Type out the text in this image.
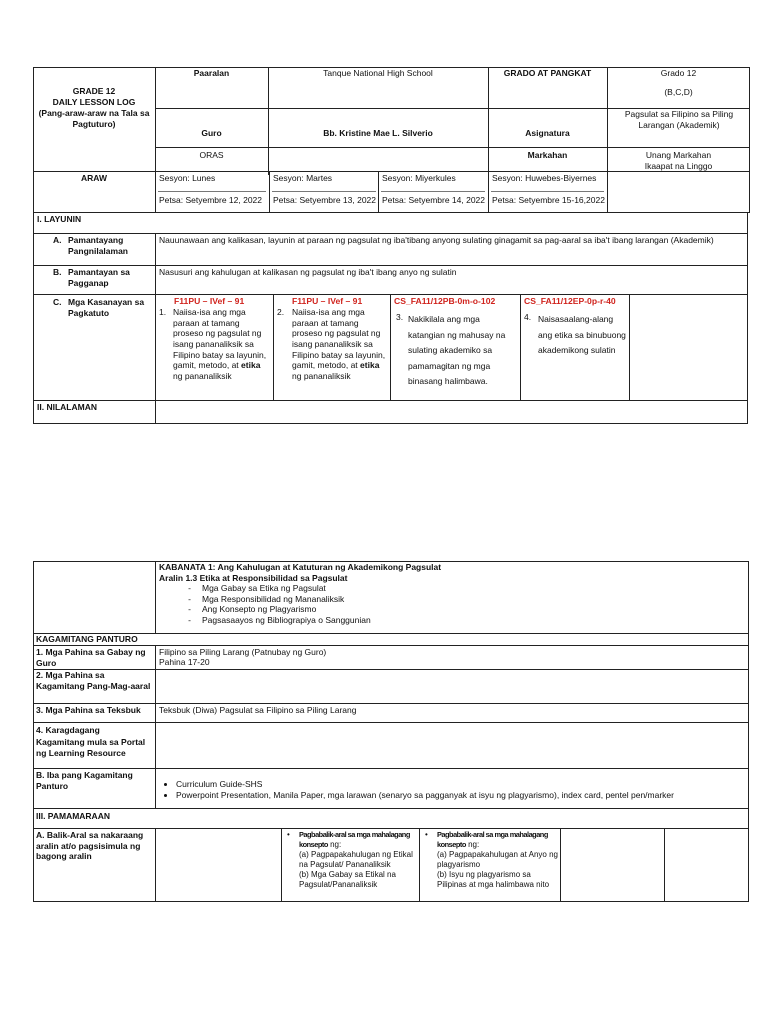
GRADE 12
DAILY LESSON LOG
(Pang-araw-araw na Tala sa Pagtuturo)
Paaralan	Tanque National High School	GRADO AT PANGKAT	Grado 12
(B,C,D)
Guro	Bb. Kristine Mae L. Silverio	Asignatura
Pagsulat sa Filipino sa Piling Larangan (Akademik)
ORAS	Markahan	Unang Markahan
Ikaapat na Linggo
ARAW	Sesyon: Lunes
Petsa: Setyembre 12, 2022
Sesyon: Martes
Petsa: Setyembre 13, 2022
Sesyon: Miyerkules
Petsa: Setyembre 14, 2022
Sesyon: Huwebes-Biyernes
Petsa: Setyembre 15-16,2022
I. LAYUNIN
A. Pamantayang Pangnilalaman
Nauunawaan ang kalikasan, layunin at paraan ng pagsulat ng iba'tibang anyong sulating ginagamit sa pag-aaral sa iba't ibang larangan (Akademik)
B. Pamantayan sa Pagganap
Nasusuri ang kahulugan at kalikasan ng pagsulat ng iba't ibang anyo ng sulatin
C. Mga Kasanayan sa Pagkatuto
F11PU – IVef – 91	F11PU – IVef – 91	CS_FA11/12PB-0m-o-102	CS_FA11/12EP-0p-r-40
1. Naiisa-isa ang mga paraan at tamang proseso ng pagsulat ng isang pananaliksik sa Filipino batay sa layunin, gamit, metodo, at etika ng pananaliksik
2. Naiisa-isa ang mga paraan at tamang proseso ng pagsulat ng isang pananaliksik sa Filipino batay sa layunin, gamit, metodo, at etika ng pananaliksik
3. Nakikilala ang mga katangian ng mahusay na sulating akademiko sa pamamagitan ng mga binasang halimbawa.
4. Naisasaalang-alang ang etika sa binubuong akademikong sulatin
II. NILALAMAN
KABANATA 1: Ang Kahulugan at Katuturan ng Akademikong Pagsulat
Aralin 1.3 Etika at Responsibilidad sa Pagsulat
- Mga Gabay sa Etika ng Pagsulat
- Mga Responsibilidad ng Mananaliksik
- Ang Konsepto ng Plagyarismo
- Pagsasaayos ng Bibliograpiya o Sanggunian
KAGAMITANG PANTURO
1. Mga Pahina sa Gabay ng Guro
Filipino sa Piling Larang (Patnubay ng Guro)
Pahina 17-20
2. Mga Pahina sa Kagamitang Pang-Mag-aaral
3. Mga Pahina sa Teksbuk	Teksbuk (Diwa) Pagsulat sa Filipino sa Piling Larang
4. Karagdagang Kagamitang mula sa Portal ng Learning Resource
B. Iba pang Kagamitang Panturo
•	Curriculum Guide-SHS
• Powerpoint Presentation, Manila Paper, mga larawan (senaryo sa pagganyak at isyu ng plagyarismo), index card, pentel pen/marker
III. PAMAMARAAN
A. Balik-Aral sa nakaraang aralin at/o pagsisimula ng bagong aralin
• Pagbabalik-aral sa mga mahalagang konsepto ng:
(a) Pagpapakahulugan ng Etikal na Pagsulat/ Pananaliksik
(b) Mga Gabay sa Etikal na Pagsulat/Pananaliksik
• Pagbabalik-aral sa mga mahalagang konsepto ng:
(a) Pagpapakahulugan at Anyo ng plagyarismo
(b) Isyu ng plagyarismo sa Pilipinas at mga halimbawa nito
